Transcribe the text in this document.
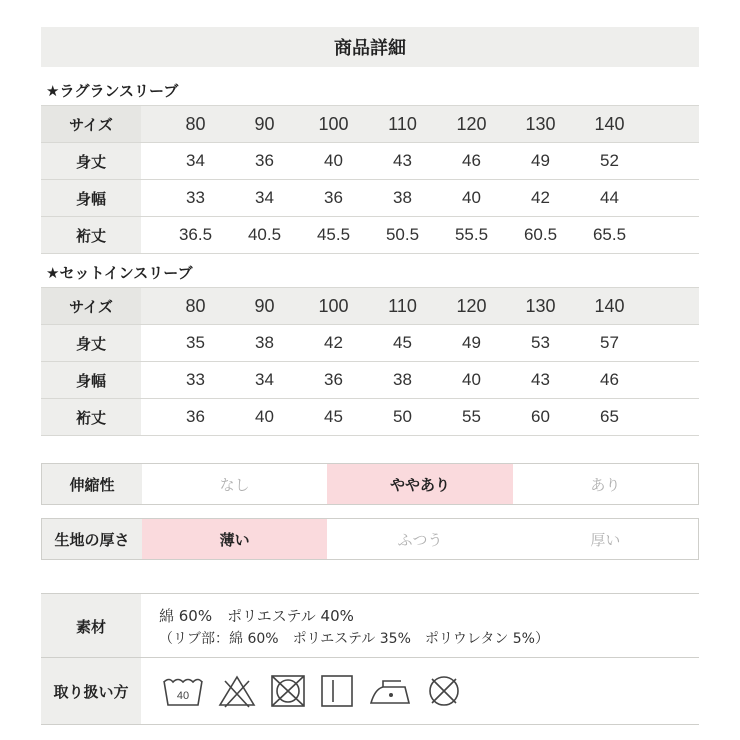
商品詳細
★ラグランスリーブ
サイズ	80	90	100	110	120	130	140
身丈	34	36	40	43	46	49	52
身幅	33	34	36	38	40	42	44
裄丈	36.5	40.5	45.5	50.5	55.5	60.5	65.5
★セットインスリーブ
サイズ	80	90	100	110	120	130	140
身丈	35	38	42	45	49	53	57
身幅	33	34	36	38	40	43	46
裄丈	36	40	45	50	55	60	65
伸縮性	なし	ややあり	あり
生地の厚さ	薄い	ふつう	厚い
素材
綿 60%　ポリエステル 40%
（リブ部：綿 60%　ポリエステル 35%　ポリウレタン 5%）
取り扱い方	40
